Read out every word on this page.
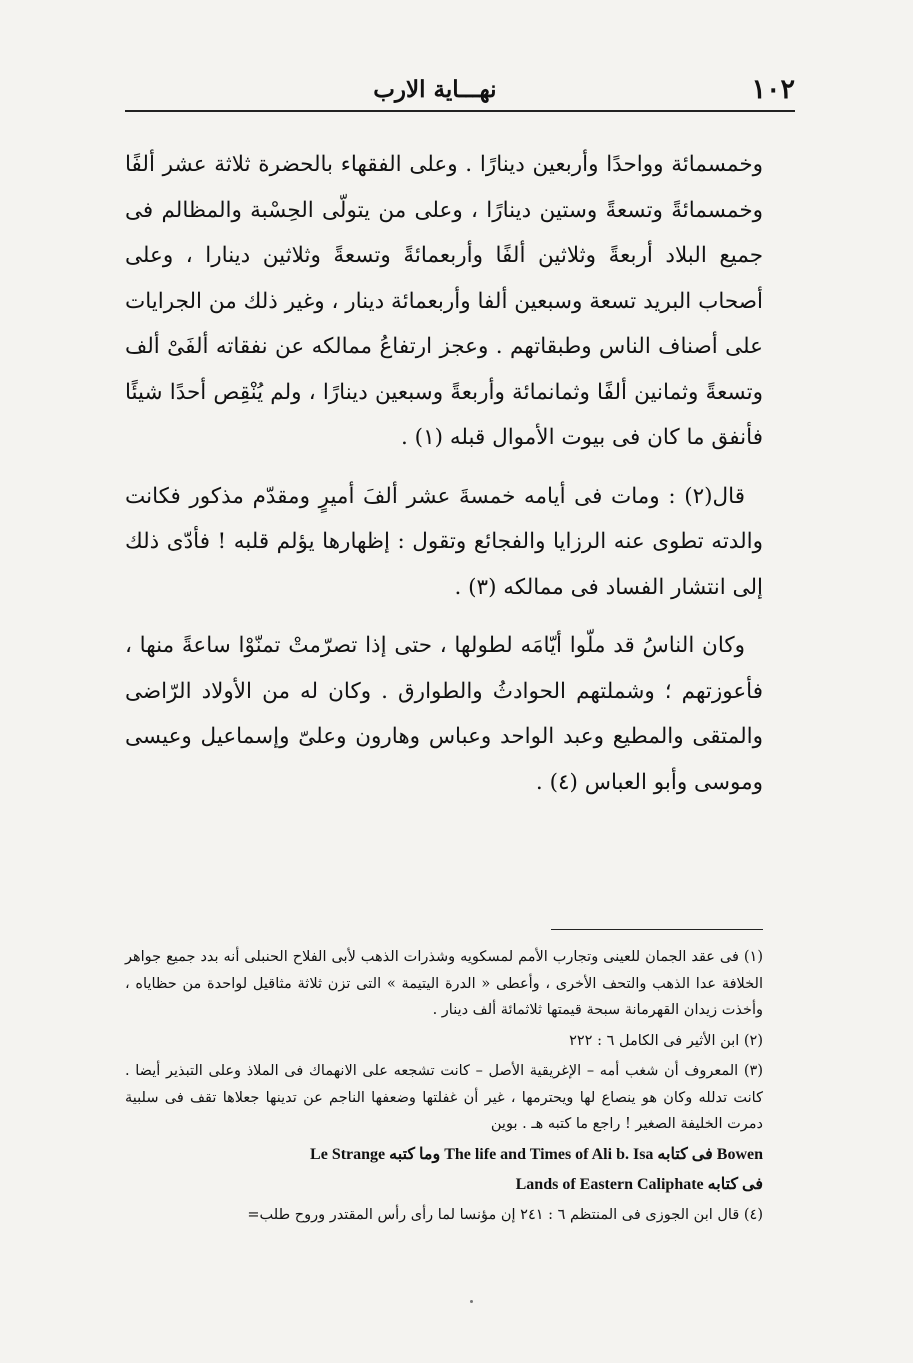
١٠٢
نهـــاية الارب

وخمسمائة وواحدًا وأربعين دينارًا . وعلى الفقهاء بالحضرة ثلاثة عشر ألفًا وخمسمائةً وتسعةً وستين دينارًا ، وعلى من يتولّى الحِسْبة والمظالم فى جميع البلاد أربعةً وثلاثين ألفًا وأربعمائةً وتسعةً وثلاثين دينارا ، وعلى أصحاب البريد تسعة وسبعين ألفا وأربعمائة دينار ، وغير ذلك من الجرايات على أصناف الناس وطبقاتهم . وعجز ارتفاعُ ممالكه عن نفقاته ألفَىْ ألف وتسعةً وثمانين ألفًا وثمانمائة وأربعةً وسبعين دينارًا ، ولم يُنْقِص أحدًا شيئًا فأنفق ما كان فى بيوت الأموال قبله (١) .

قال(٢) : ومات فى أيامه خمسةَ عشر ألفَ أميرٍ ومقدّم مذكور فكانت والدته تطوى عنه الرزايا والفجائع وتقول : إظهارها يؤلم قلبه ! فأدّى ذلك إلى انتشار الفساد فى ممالكه (٣) .

وكان الناسُ قد ملّوا أيّامَه لطولها ، حتى إذا تصرّمتْ تمنّوْا ساعةً منها ، فأعوزتهم ؛ وشملتهم الحوادثُ والطوارق . وكان له من الأولاد الرّاضى والمتقى والمطيع وعبد الواحد وعباس وهارون وعلىّ وإسماعيل وعيسى وموسى وأبو العباس (٤) .

(١) فى عقد الجمان للعينى وتجارب الأمم لمسكويه وشذرات الذهب لأبى الفلاح الحنبلى أنه بدد جميع جواهر الخلافة عدا الذهب والتحف الأخرى ، وأعطى « الدرة اليتيمة » التى تزن ثلاثة مثاقيل لواحدة من حظاياه ، وأخذت زيدان القهرمانة سبحة قيمتها ثلاثمائة ألف دينار .

(٢) ابن الأثير فى الكامل ٦ : ٢٢٢

(٣) المعروف أن شغب أمه – الإغريقية الأصل – كانت تشجعه على الانهماك فى الملاذ وعلى التبذير أيضا . كانت تدلله وكان هو ينصاع لها ويحترمها ، غير أن غفلتها وضعفها الناجم عن تدينها جعلاها تقف فى سلبية دمرت الخليفة الصغير ! راجع ما كتبه هـ . بوين

Le Strange وما كتبه The life and Times of Ali b. Isa فى كتابه Bowen

فى كتابه Lands of Eastern Caliphate

(٤) قال ابن الجوزى فى المنتظم ٦ : ٢٤١ إن مؤنسا لما رأى رأس المقتدر وروح طلب=
